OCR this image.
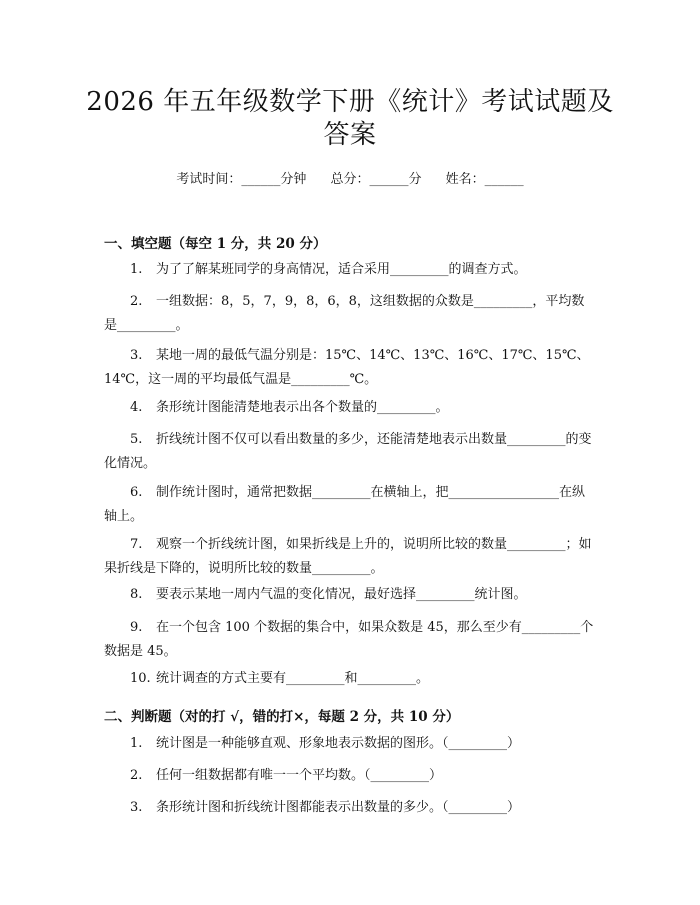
2026 年五年级数学下册《统计》考试试题及
答案
考试时间：______分钟 总分：______分 姓名：______
一、填空题（每空 1 分，共 20 分）
1. 为了了解某班同学的身高情况，适合采用_________的调查方式。
2. 一组数据：8，5，7，9，8，6，8，这组数据的众数是_________，平均数是_________。
3. 某地一周的最低气温分别是：15℃、14℃、13℃、16℃、17℃、15℃、14℃，这一周的平均最低气温是_________℃。
4. 条形统计图能清楚地表示出各个数量的_________。
5. 折线统计图不仅可以看出数量的多少，还能清楚地表示出数量_________的变化情况。
6. 制作统计图时，通常把数据_________在横轴上，把_________________在纵轴上。
7. 观察一个折线统计图，如果折线是上升的，说明所比较的数量_________；如果折线是下降的，说明所比较的数量_________。
8. 要表示某地一周内气温的变化情况，最好选择_________统计图。
9. 在一个包含 100 个数据的集合中，如果众数是 45，那么至少有_________个数据是 45。
10. 统计调查的方式主要有_________和_________。
二、判断题（对的打 √，错的打×，每题 2 分，共 10 分）
1. 统计图是一种能够直观、形象地表示数据的图形。（_________）
2. 任何一组数据都有唯一一个平均数。（_________）
3. 条形统计图和折线统计图都能表示出数量的多少。（_________）
